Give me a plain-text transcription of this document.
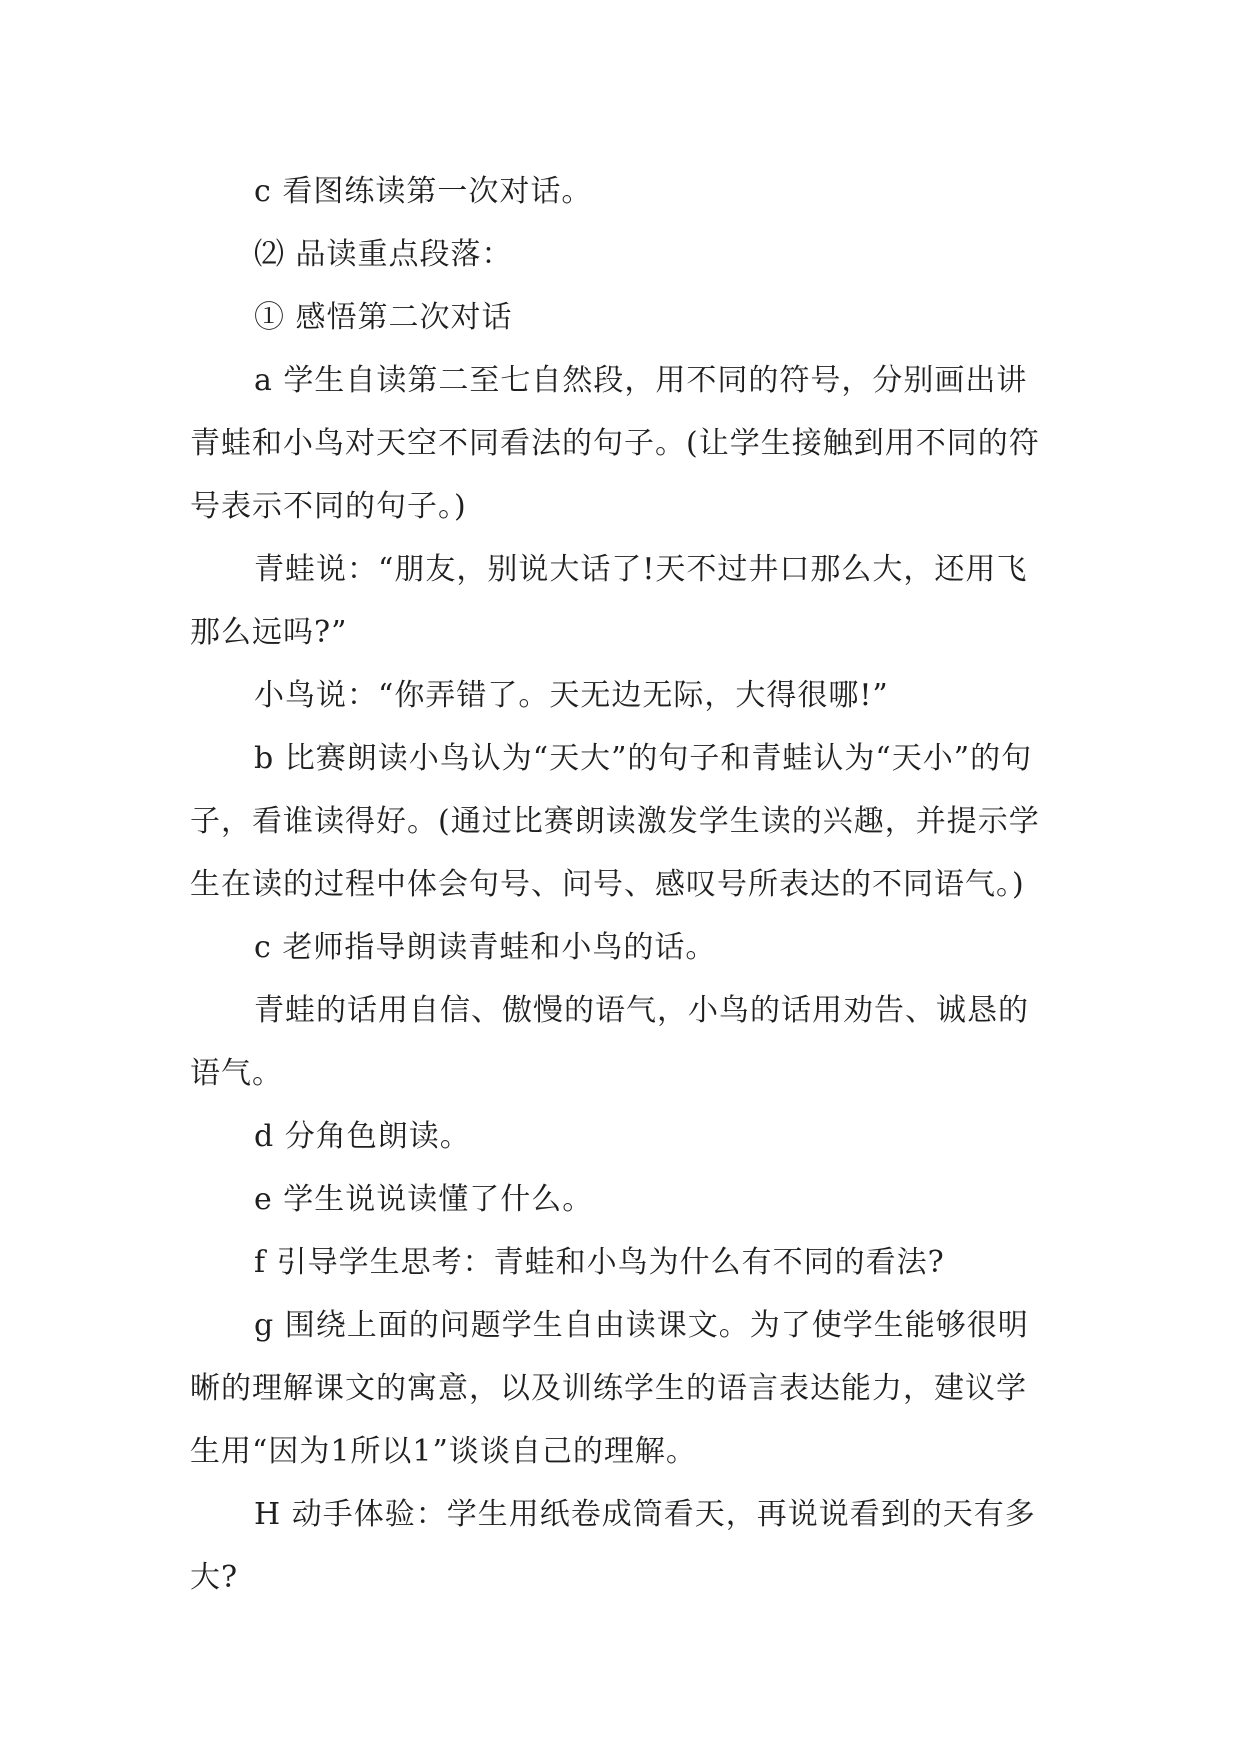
c 看图练读第一次对话。

⑵ 品读重点段落：

① 感悟第二次对话

a 学生自读第二至七自然段，用不同的符号，分别画出讲青蛙和小鸟对天空不同看法的句子。(让学生接触到用不同的符号表示不同的句子。)

青蛙说：“朋友，别说大话了!天不过井口那么大，还用飞那么远吗?”

小鸟说：“你弄错了。天无边无际，大得很哪!”

b 比赛朗读小鸟认为“天大”的句子和青蛙认为“天小”的句子，看谁读得好。(通过比赛朗读激发学生读的兴趣，并提示学生在读的过程中体会句号、问号、感叹号所表达的不同语气。)

c 老师指导朗读青蛙和小鸟的话。

青蛙的话用自信、傲慢的语气，小鸟的话用劝告、诚恳的语气。

d 分角色朗读。

e 学生说说读懂了什么。

f 引导学生思考：青蛙和小鸟为什么有不同的看法?

g 围绕上面的问题学生自由读课文。为了使学生能够很明晰的理解课文的寓意，以及训练学生的语言表达能力，建议学生用“因为1所以1”谈谈自己的理解。

H 动手体验：学生用纸卷成筒看天，再说说看到的天有多大?
